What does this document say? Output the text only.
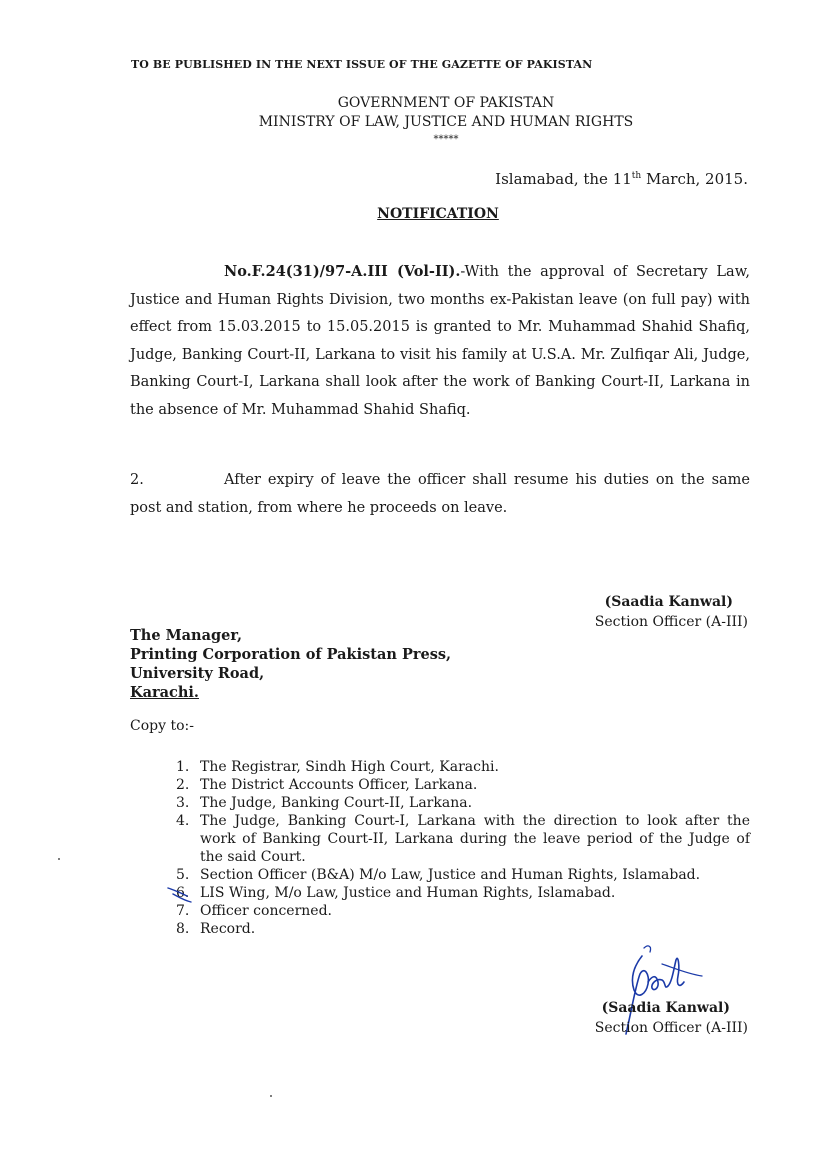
TO BE PUBLISHED IN THE NEXT ISSUE OF THE GAZETTE OF PAKISTAN
GOVERNMENT OF PAKISTAN
MINISTRY OF LAW, JUSTICE AND HUMAN RIGHTS
*****
Islamabad, the 11th March, 2015.
NOTIFICATION
No.F.24(31)/97-A.III (Vol-II).-With the approval of Secretary Law, Justice and Human Rights Division, two months ex-Pakistan leave (on full pay) with effect from 15.03.2015 to 15.05.2015 is granted to Mr. Muhammad Shahid Shafiq, Judge, Banking Court-II, Larkana to visit his family at U.S.A. Mr. Zulfiqar Ali, Judge, Banking Court-I, Larkana shall look after the work of Banking Court-II, Larkana in the absence of Mr. Muhammad Shahid Shafiq.
2.	After expiry of leave the officer shall resume his duties on the same post and station, from where he proceeds on leave.
(Saadia Kanwal)
Section Officer (A-III)
The Manager,
Printing Corporation of Pakistan Press,
University Road,
Karachi.
Copy to:-
1. The Registrar, Sindh High Court, Karachi.
2. The District Accounts Officer, Larkana.
3. The Judge, Banking Court-II, Larkana.
4. The Judge, Banking Court-I, Larkana with the direction to look after the work of Banking Court-II, Larkana during the leave period of the Judge of the said Court.
5. Section Officer (B&A) M/o Law, Justice and Human Rights, Islamabad.
6. LIS Wing, M/o Law, Justice and Human Rights, Islamabad.
7. Officer concerned.
8. Record.
(Saadia Kanwal)
Section Officer (A-III)
